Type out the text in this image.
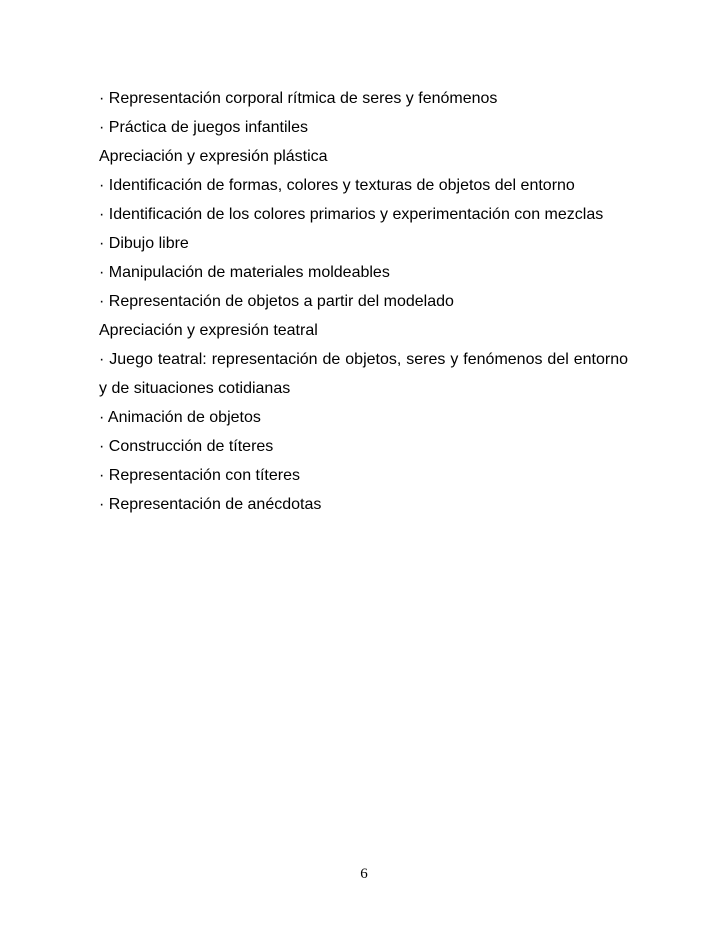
· Representación corporal rítmica de seres y fenómenos
· Práctica de juegos infantiles
Apreciación y expresión plástica
· Identificación de formas, colores y texturas de objetos del entorno
· Identificación de los colores primarios y experimentación con mezclas
· Dibujo libre
· Manipulación de materiales moldeables
· Representación de objetos a partir del modelado
Apreciación y expresión teatral
· Juego teatral: representación de objetos, seres y fenómenos del entorno y de situaciones cotidianas
· Animación de objetos
· Construcción de títeres
· Representación con títeres
· Representación de anécdotas
6
